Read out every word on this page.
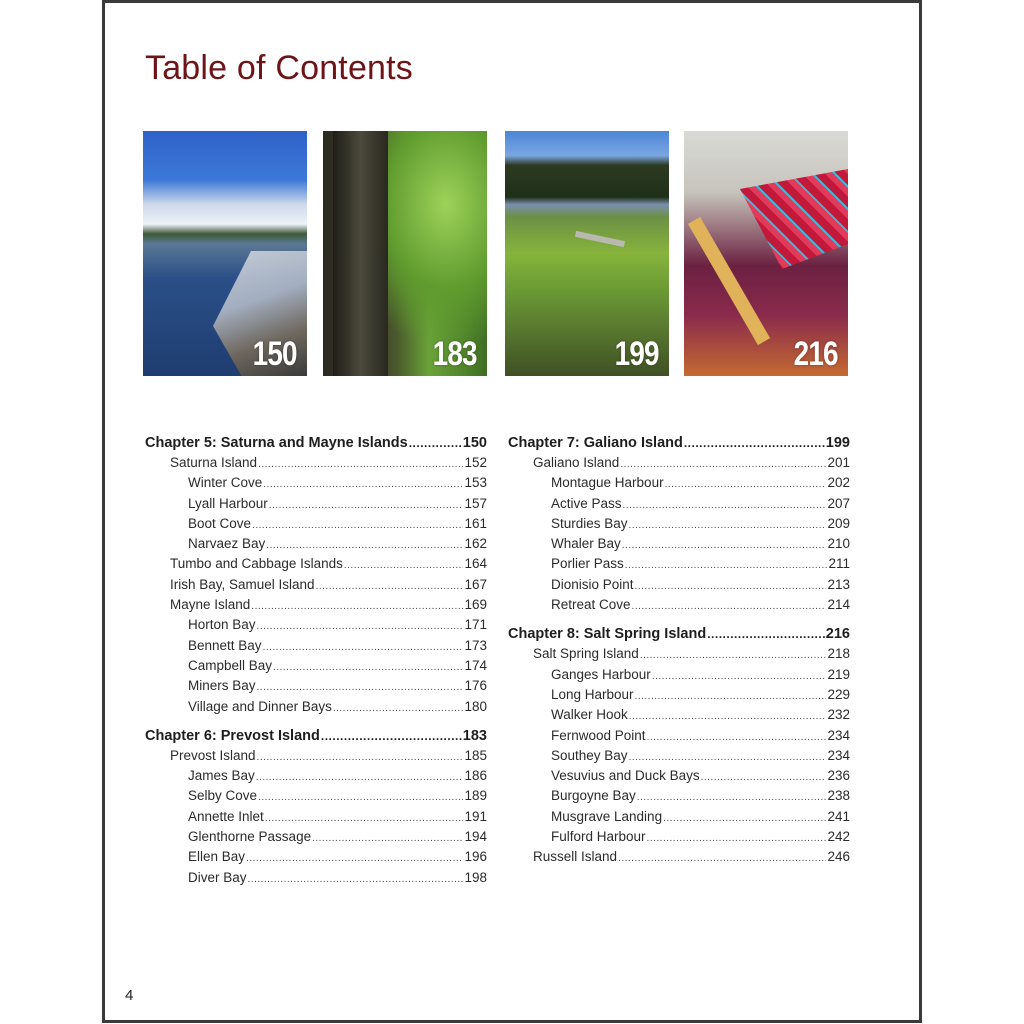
Table of Contents
150	183	199	216
Chapter 5: Saturna and Mayne Islands .....	150
Saturna Island .....	152
Winter Cove .....	153
Lyall Harbour .....	157
Boot Cove .....	161
Narvaez Bay .....	162
Tumbo and Cabbage Islands .....	164
Irish Bay, Samuel Island .....	167
Mayne Island .....	169
Horton Bay .....	171
Bennett Bay .....	173
Campbell Bay .....	174
Miners Bay .....	176
Village and Dinner Bays .....	180
Chapter 6: Prevost Island .....	183
Prevost Island .....	185
James Bay .....	186
Selby Cove .....	189
Annette Inlet .....	191
Glenthorne Passage .....	194
Ellen Bay .....	196
Diver Bay .....	198
Chapter 7: Galiano Island .....	199
Galiano Island .....	201
Montague Harbour .....	202
Active Pass .....	207
Sturdies Bay .....	209
Whaler Bay .....	210
Porlier Pass .....	211
Dionisio Point .....	213
Retreat Cove .....	214
Chapter 8: Salt Spring Island .....	216
Salt Spring Island .....	218
Ganges Harbour .....	219
Long Harbour .....	229
Walker Hook .....	232
Fernwood Point .....	234
Southey Bay .....	234
Vesuvius and Duck Bays .....	236
Burgoyne Bay .....	238
Musgrave Landing .....	241
Fulford Harbour .....	242
Russell Island .....	246
4
